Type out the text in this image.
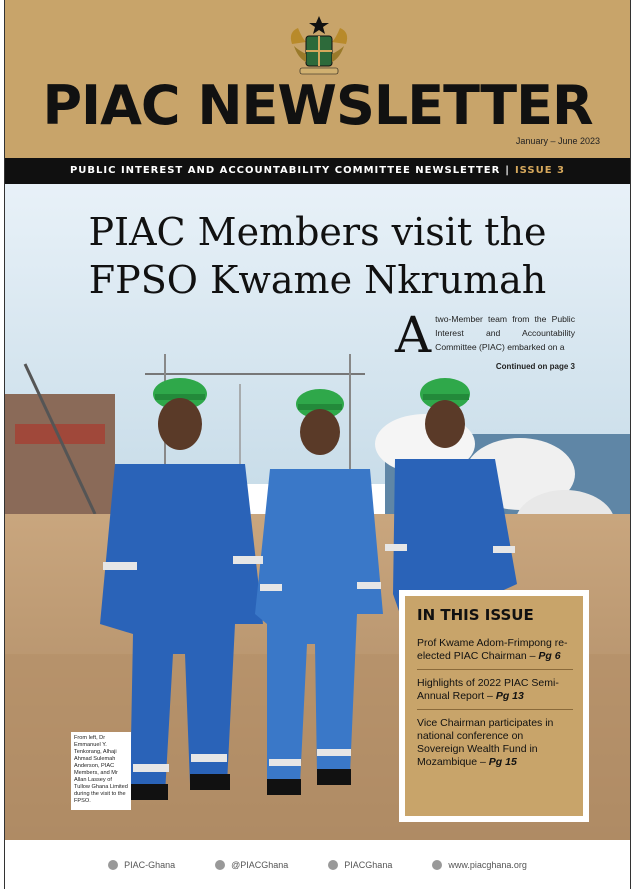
PIAC NEWSLETTER
January – June 2023
PUBLIC INTEREST AND ACCOUNTABILITY COMMITTEE NEWSLETTER | ISSUE 3
PIAC Members visit the
FPSO Kwame Nkrumah
Atwo-Member team from the Public Interest and Accountability Committee (PIAC) embarked on a
Continued on page 3
IN THIS ISSUE
Prof Kwame Adom-Frimpong re-elected PIAC Chairman – Pg 6
Highlights of 2022 PIAC Semi-Annual Report – Pg 13
Vice Chairman participates in national conference on Sovereign Wealth Fund in Mozambique – Pg 15
From left, Dr Emmanuel Y. Tenkorang, Alhaji Ahmad Sulemah Anderson, PIAC Members, and Mr Allan Lassey of Tullow Ghana Limited during the visit to the FPSO.
PIAC-Ghana	@PIACGhana	PIACGhana	www.piacghana.org
